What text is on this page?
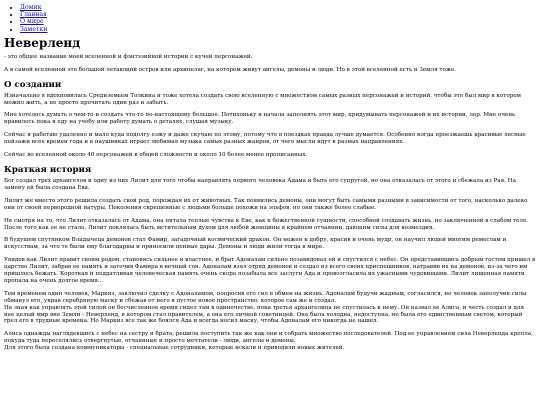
• Домик
• Главная
• О мире
• Заметки
Неверленд

- это общее название моей вселенной и фэнтэзийной истории с кучей персонажей.

А в самой вселенной это большой летающий остров или архипелаг, на котором живут ангелы, демоны и люди. Но в этой вселенной есть и Земля тоже.

О создании

Изначально я вдохновилась Средиземьем Толкина и тоже хотела создать свою вселенную с множеством самых разных персонажей и историй, чтобы это был мир в котором можно жить, а не просто прочитать один раз и забыть.

Мне хотелось думать о чем-то и создать что-то по-настоящему большое. Потихоньку я начала заполнять этот мир, придумывать персонажей и их истории, лор. Мне очень нравилось пока я еду на учебу или работу думать о деталях, слушая музыку.

Сейчас я работаю удаленно и мало куда подолгу езжу и даже скучаю по этому, потому что в поездках правда лучше думается. Особенно когда проезжаешь красивые лесные пейзажи всех времен года и в наушниках играет любимая музыка самых разных жанров, от чего мысли идут в разных направлениях.

Сейчас во вселенной около 40 персонажей в общей сложности и около 10 более менее прописанных.

Краткая история

Бог создал трех архангелов и одну из них Лилит для того чтобы направлять первого человека Адама и быть его супругой, но она отказалась от этого и сбежала из Рая. На замену ей была создана Ева.

Лилит же вместо этого решила создать свой род, порождая их от животных. Так появились демоны, они могут быть самыми разными в зависимости от того, насколько далеко они от своей первородной натуры. Поколения скрещенные с людьми больше похожи на эльфов, но они также более слабые.

Не смотря на то, что Лилит отказалась от Адама, она питала теплые чувства к Еве, как к божественной сущности, способной создавать жизнь, но заключенной в слабом теле. После того как ее не стало, Лилит поклялась быть мстительным духом для любой женщины в крайнем отчаянии, дающим силы для возмездия.

В будущем спутником Владычеца демонов стал Фамир, загадочный космический дракон. Он нежен к добру, красив и очень мудр, он научил людей многим ремеслам и искусствам, за что те были ему благодарны и приносили ценные дары. Демоны и люди жили тогда в мире.

Увидев как Лилит правит своим родом, становясь сильнее и властнее, и брат Адоналам сильно позавидовал ей и спустился с небес. Он представившись добрым гостем пришел в царство Лилит, забрав ее память и заточив Фамира в вечный сон. Адоналам взял отряд демонов и создал из всего своих приспешников, натравив их на демонов, из-за чего им пришлось бежать. Короткая и поддатливая человеческая память очень скоро позабыла все заслуги Ада и провозгласила их ужасными чудовищами. Лилит лишенная памяти пропала на очень долгое время...

Тем временем один человек, Маркиз, заключил сделку с Адоналамом, попросив его сил в обмен на жизнь. Адоналам будучи жадным, согласился, но человек заполучив силы обманул его, украв серебряную маску и сбежав от него в пустое новое пространство, которое сам же и создал.

Не зная как управлять этой силой он бесчисленное время сидел там в одиночестве, пока третья архангелица не спустилась к нему. Он назвал ее Алиса, и честь создал и для нее целый мир вне Земли - Неверленд, в котором стал правителем, а она его личной советницей. Она была холодна, недоступна, но была его единственным светом, который грел его в трудные времена. Но Маркиз все так же боялся Ада и всегда носил маску, чтобы Адоналам его никогда не нашел.

Алиса однажды наглядевшись с небес на сестру и брата, решила поступить так же как они и собрать множество последователей. Под ее управлением сила Неверленда крепла, покуда туда переселялись отвергнутые, отчаянные и просто мечтатели - люди, ангелы и демоны.

Для этого была создана коммуникаторы - специальные сотрудники, которые искали и приводили новых жителей.
